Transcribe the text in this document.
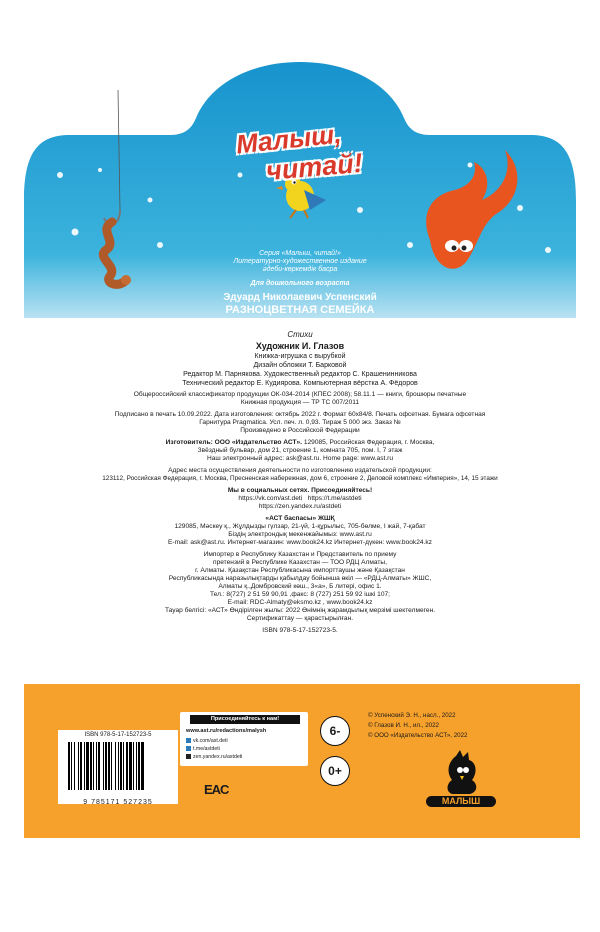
Малыш,
читай!
Серия «Малыш, читай!»
Литературно-художественное издание
әдеби-көркемдік басpa
Для дошкольного возраста
Эдуард Николаевич Успенский
РАЗНОЦВЕТНАЯ СЕМЕЙКА
Стихи
Художник И. Глазов
Книжка-игрушка с вырубкой
Дизайн обложки Т. Барковой
Редактор М. Парнякова. Художественный редактор С. Крашенинникова
Технический редактор Е. Кудиярова. Компьютерная вёрстка А. Фёдоров
Общероссийский классификатор продукции ОК-034-2014 (КПЕС 2008); 58.11.1 — книги, брошюры печатные
Книжная продукция — ТР ТС 007/2011
Подписано в печать 10.09.2022. Дата изготовления: октябрь 2022 г. Формат 60х84/8. Печать офсетная. Бумага офсетная
Гарнитура Pragmatica. Усл. печ. л. 0,93. Тираж 5 000 экз. Заказ №
Произведено в Российской Федерации
Изготовитель: ООО «Издательство АСТ». 129085, Российская Федерация, г. Москва,
Звёздный бульвар, дом 21, строение 1, комната 705, пом. I, 7 этаж
Наш электронный адрес: ask@ast.ru. Home page: www.ast.ru
Адрес места осуществления деятельности по изготовлению издательской продукции:
123112, Российская Федерация, г. Москва, Пресненская набережная, дом 6, строение 2, Деловой комплекс «Империя», 14, 15 этажи
Мы в социальных сетях. Присоединяйтесь!
https://vk.com/ast.deti   https://t.me/astdeti
https://zen.yandex.ru/astdeti
«АСТ баспасы» ЖШҚ
129085, Мәскеу қ., Жұлдызды гүлзар, 21-үй, 1-құрылыс, 705-бөлме, I жай, 7-қабат
Біздің электрондық мекенжайымыз: www.ast.ru
E-mail: ask@ast.ru. Интернет-магазин: www.book24.kz Интернет-дүкен: www.book24.kz
Импортер в Республику Казахстан и Представитель по приему
претензий в Республике Казахстан — ТОО РДЦ Алматы,
г. Алматы. Қазақстан Республикасына импорттаушы және Қазақстан
Республикасында наразылықтарды қабылдау бойынша өкіл — «РДЦ-Алматы» ЖШС,
Алматы қ.,Домбровский көш., 3«а», Б литері, офис 1.
Тел.: 8(727) 2 51 59 90,91 ,факс: 8 (727) 251 59 92 ішкі 107;
E-mail: RDC-Almaty@eksmo.kz , www.book24.kz
Тауар белгісі: «АСТ» Өндірілген жылы: 2022 Өнімнің жарамдылық мерзімі шектелмеген.
Сертификаттау — қарастырылған.
ISBN 978-5-17-152723-5.
Присоединяйтесь к нам!
www.ast.ru/redactions/malysh
vk.com/ast.deti
t.me/astdeti
zen.yandex.ru/astdeti
ISBN 978-5-17-152723-5
9 785171 527235
EAC
6-
0+
© Успенский Э. Н., насл., 2022
© Глазов И. Н., ил., 2022
© ООО «Издательство АСТ», 2022
МАЛЫШ
